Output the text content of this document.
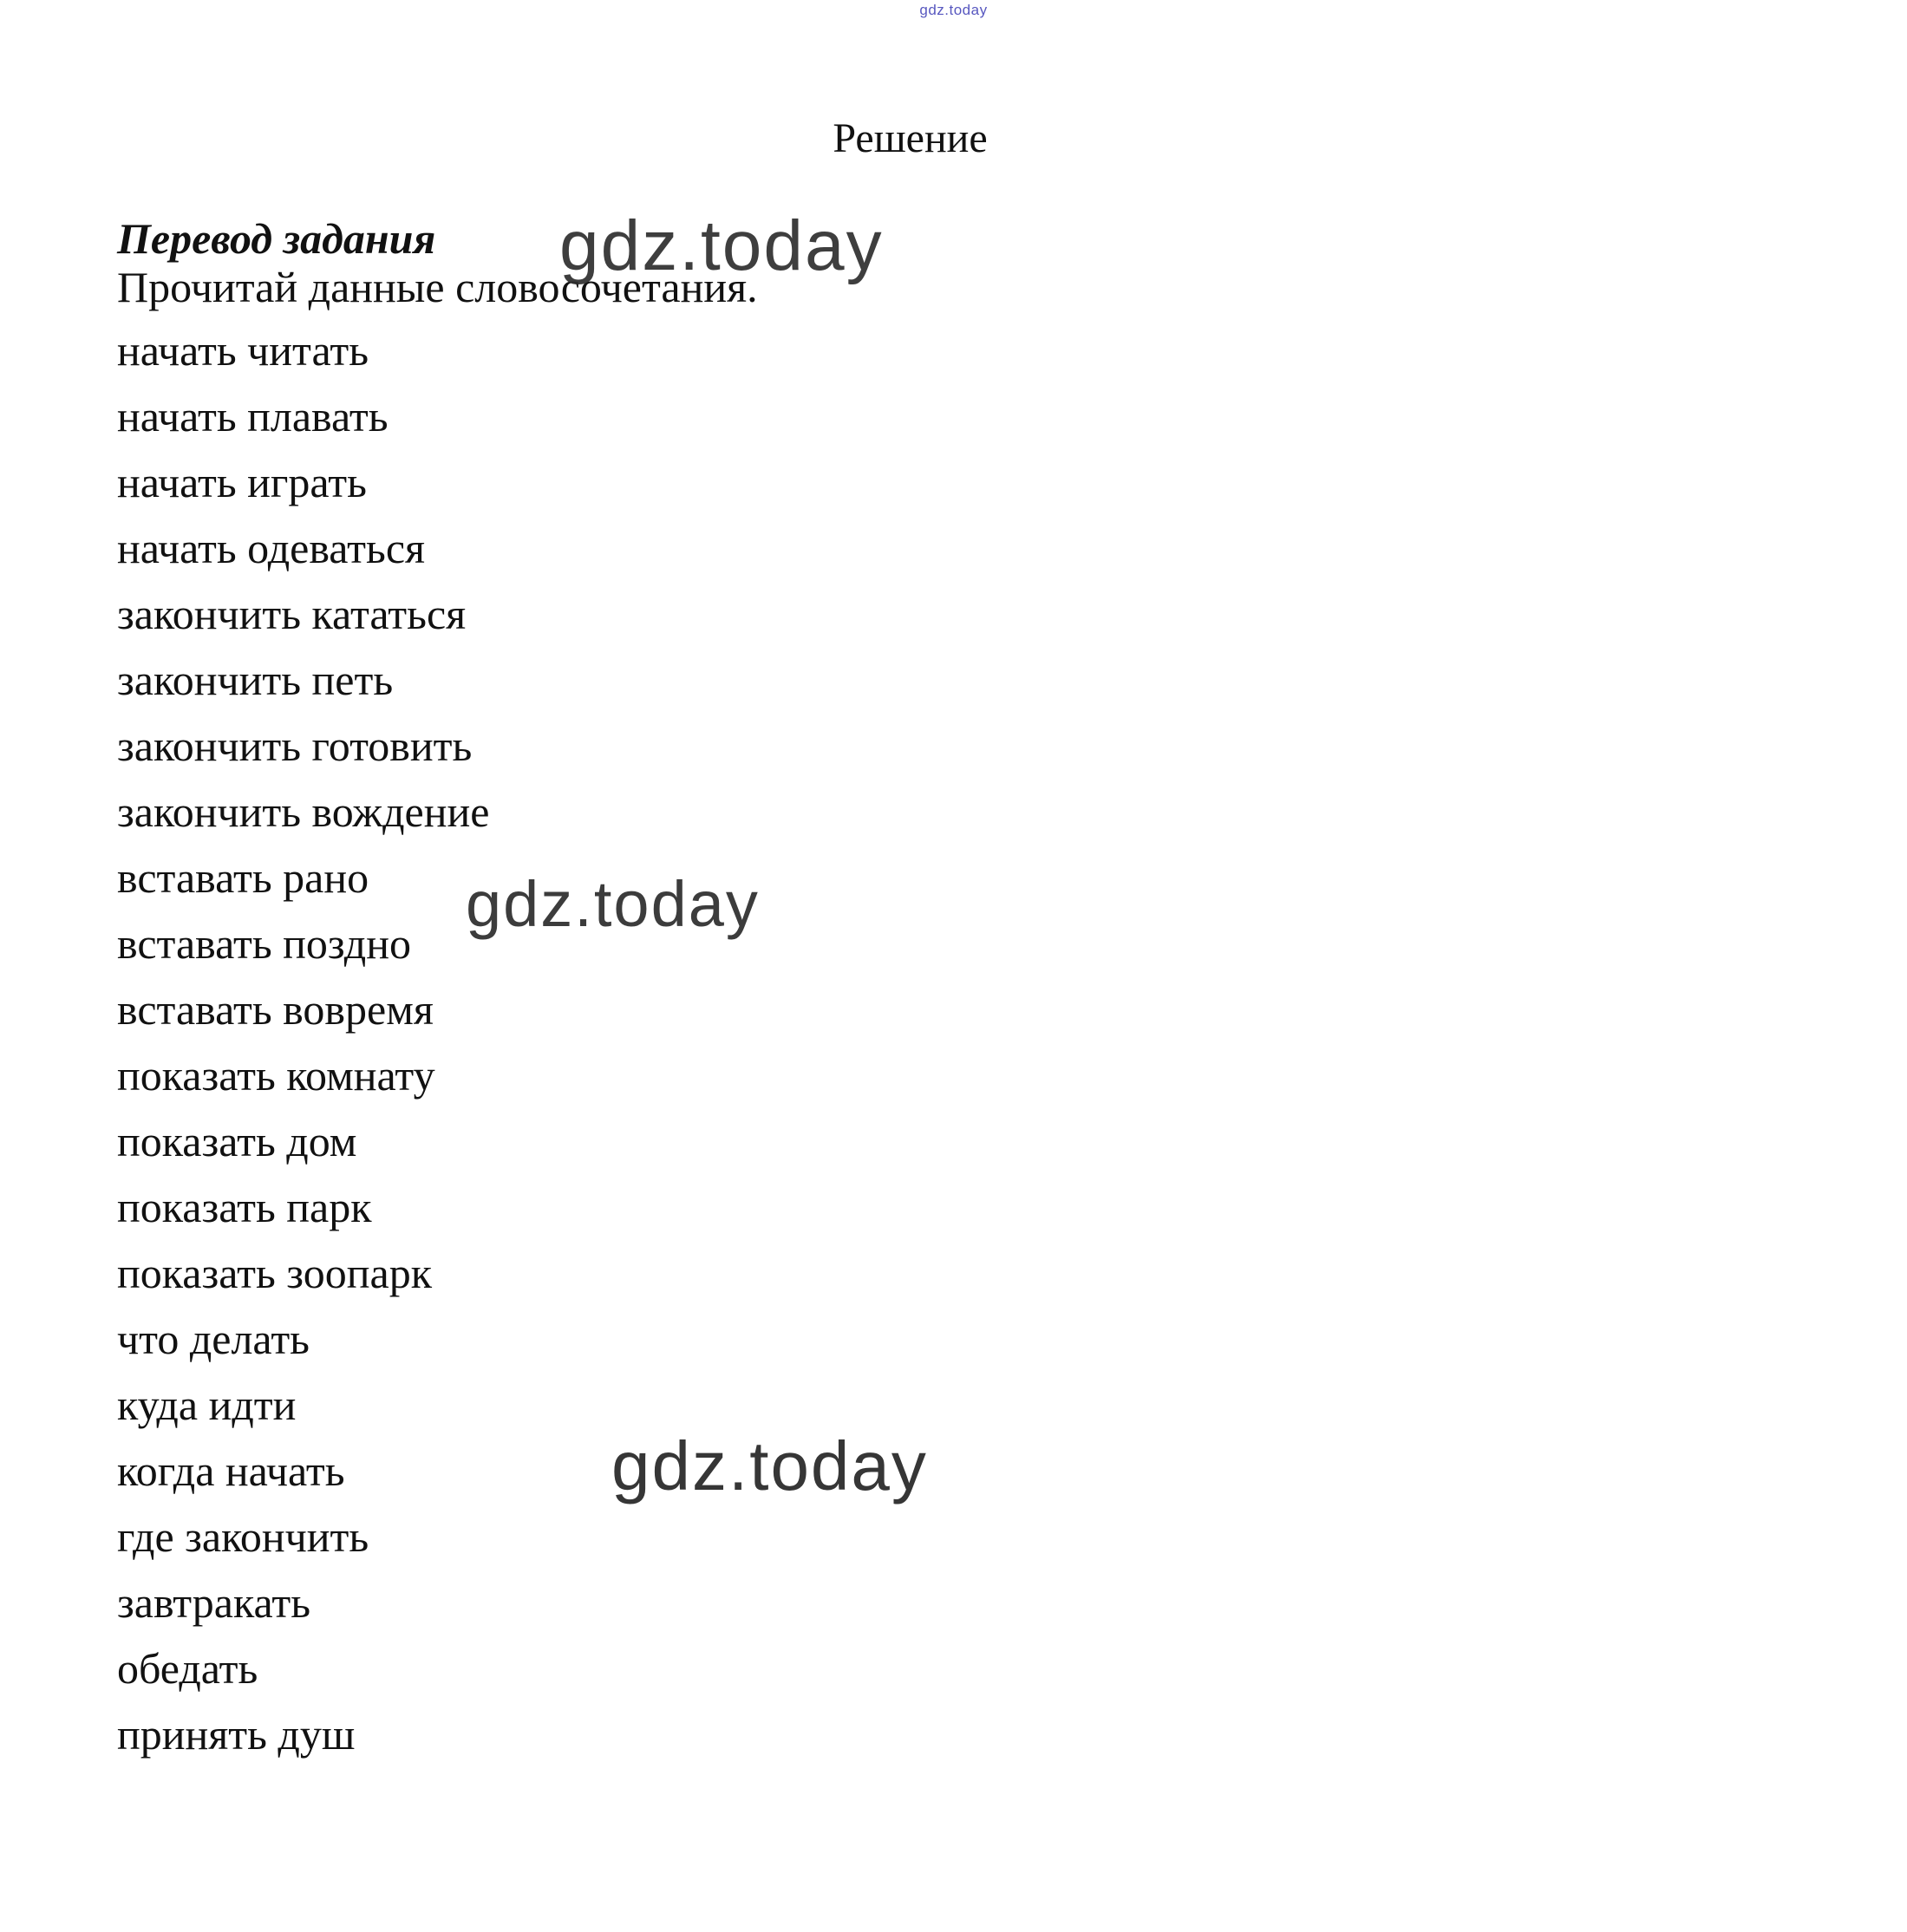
gdz.today
Решение
Перевод задания

Прочитай данные словосочетания.

начать читать
начать плавать
начать играть
начать одеваться
закончить кататься
закончить петь
закончить готовить
закончить вождение
вставать рано
вставать поздно
вставать вовремя
показать комнату
показать дом
показать парк
показать зоопарк
что делать
куда идти
когда начать
где закончить
завтракать
обедать
принять душ
gdz.today
gdz.today
gdz.today
